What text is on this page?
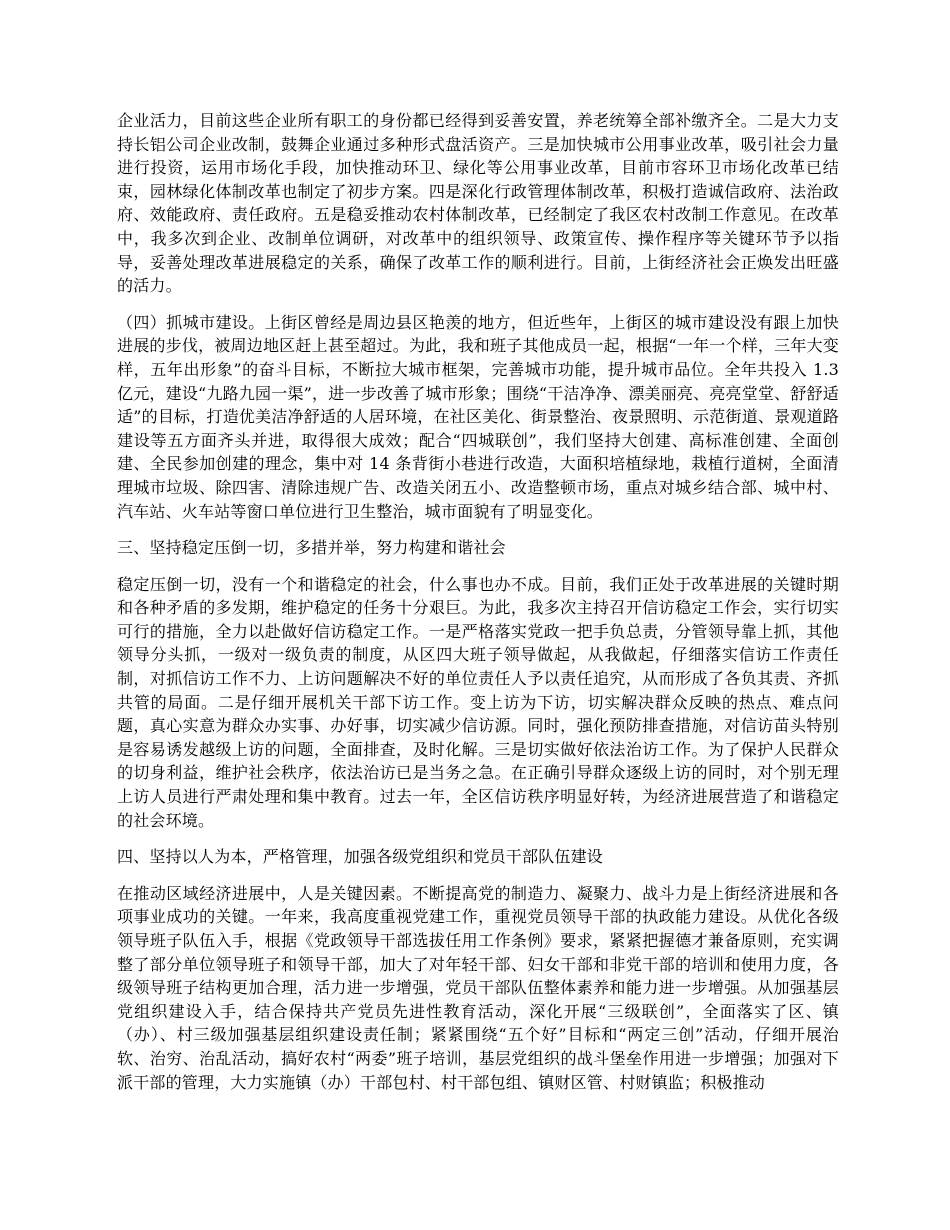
企业活力，目前这些企业所有职工的身份都已经得到妥善安置，养老统筹全部补缴齐全。二是大力支持长铝公司企业改制，鼓舞企业通过多种形式盘活资产。三是加快城市公用事业改革，吸引社会力量进行投资，运用市场化手段，加快推动环卫、绿化等公用事业改革，目前市容环卫市场化改革已结束，园林绿化体制改革也制定了初步方案。四是深化行政管理体制改革，积极打造诚信政府、法治政府、效能政府、责任政府。五是稳妥推动农村体制改革，已经制定了我区农村改制工作意见。在改革中，我多次到企业、改制单位调研，对改革中的组织领导、政策宣传、操作程序等关键环节予以指导，妥善处理改革进展稳定的关系，确保了改革工作的顺利进行。目前，上街经济社会正焕发出旺盛的活力。

（四）抓城市建设。上街区曾经是周边县区艳羡的地方，但近些年，上街区的城市建设没有跟上加快进展的步伐，被周边地区赶上甚至超过。为此，我和班子其他成员一起，根据“一年一个样，三年大变样，五年出形象”的奋斗目标，不断拉大城市框架，完善城市功能，提升城市品位。全年共投入 1.3 亿元，建设“九路九园一渠”，进一步改善了城市形象；围绕“干洁净净、漂美丽亮、亮亮堂堂、舒舒适适”的目标，打造优美洁净舒适的人居环境，在社区美化、街景整治、夜景照明、示范街道、景观道路建设等五方面齐头并进，取得很大成效；配合“四城联创”，我们坚持大创建、高标准创建、全面创建、全民参加创建的理念，集中对 14 条背街小巷进行改造，大面积培植绿地，栽植行道树，全面清理城市垃圾、除四害、清除违规广告、改造关闭五小、改造整顿市场，重点对城乡结合部、城中村、汽车站、火车站等窗口单位进行卫生整治，城市面貌有了明显变化。

三、坚持稳定压倒一切，多措并举，努力构建和谐社会

稳定压倒一切，没有一个和谐稳定的社会，什么事也办不成。目前，我们正处于改革进展的关键时期和各种矛盾的多发期，维护稳定的任务十分艰巨。为此，我多次主持召开信访稳定工作会，实行切实可行的措施，全力以赴做好信访稳定工作。一是严格落实党政一把手负总责，分管领导靠上抓，其他领导分头抓，一级对一级负责的制度，从区四大班子领导做起，从我做起，仔细落实信访工作责任制，对抓信访工作不力、上访问题解决不好的单位责任人予以责任追究，从而形成了各负其责、齐抓共管的局面。二是仔细开展机关干部下访工作。变上访为下访，切实解决群众反映的热点、难点问题，真心实意为群众办实事、办好事，切实减少信访源。同时，强化预防排查措施，对信访苗头特别是容易诱发越级上访的问题，全面排查，及时化解。三是切实做好依法治访工作。为了保护人民群众的切身利益，维护社会秩序，依法治访已是当务之急。在正确引导群众逐级上访的同时，对个别无理上访人员进行严肃处理和集中教育。过去一年，全区信访秩序明显好转，为经济进展营造了和谐稳定的社会环境。

四、坚持以人为本，严格管理，加强各级党组织和党员干部队伍建设

在推动区域经济进展中，人是关键因素。不断提高党的制造力、凝聚力、战斗力是上街经济进展和各项事业成功的关键。一年来，我高度重视党建工作，重视党员领导干部的执政能力建设。从优化各级领导班子队伍入手，根据《党政领导干部选拔任用工作条例》要求，紧紧把握德才兼备原则，充实调整了部分单位领导班子和领导干部，加大了对年轻干部、妇女干部和非党干部的培训和使用力度，各级领导班子结构更加合理，活力进一步增强，党员干部队伍整体素养和能力进一步增强。从加强基层党组织建设入手，结合保持共产党员先进性教育活动，深化开展“三级联创”，全面落实了区、镇（办）、村三级加强基层组织建设责任制；紧紧围绕“五个好”目标和“两定三创”活动，仔细开展治软、治穷、治乱活动，搞好农村“两委”班子培训，基层党组织的战斗堡垒作用进一步增强；加强对下派干部的管理，大力实施镇（办）干部包村、村干部包组、镇财区管、村财镇监；积极推动
